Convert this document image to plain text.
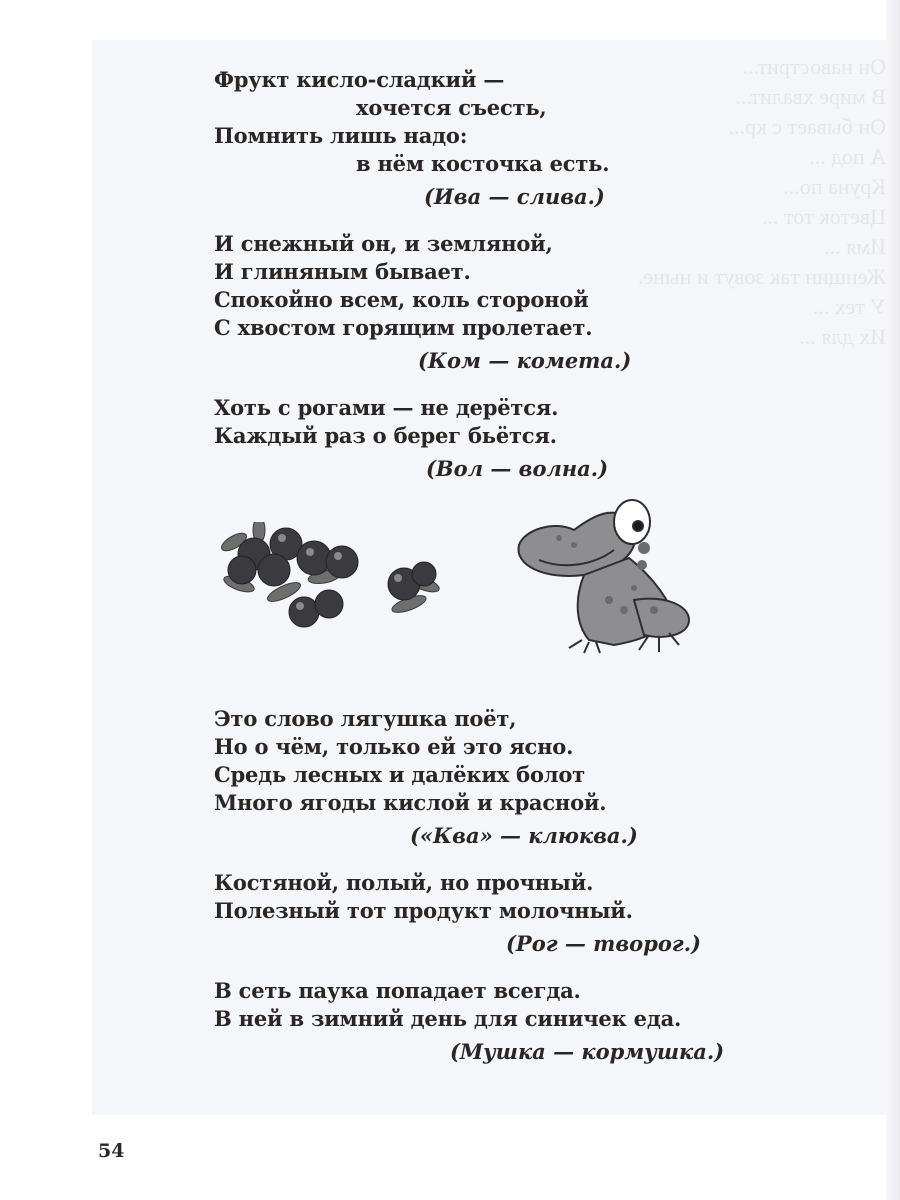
Он навострит...
В мире хвалит...
Он бывает с кр...
А под ...
Круна по...
Цветок тот ...
Имя ...
Женщин так зовут и ныне.
У тех ...
Их для ...
Фрукт кисло-сладкий —
хочется съесть,
Помнить лишь надо:
в нём косточка есть.
(Ива — слива.)
И снежный он, и земляной,
И глиняным бывает.
Спокойно всем, коль стороной
С хвостом горящим пролетает.
(Ком — комета.)
Хоть с рогами — не дерётся.
Каждый раз о берег бьётся.
(Вол — волна.)
Это слово лягушка поёт,
Но о чём, только ей это ясно.
Средь лесных и далёких болот
Много ягоды кислой и красной.
(«Ква» — клюква.)
Костяной, полый, но прочный.
Полезный тот продукт молочный.
(Рог — творог.)
В сеть паука попадает всегда.
В ней в зимний день для синичек еда.
(Мушка — кормушка.)
54
